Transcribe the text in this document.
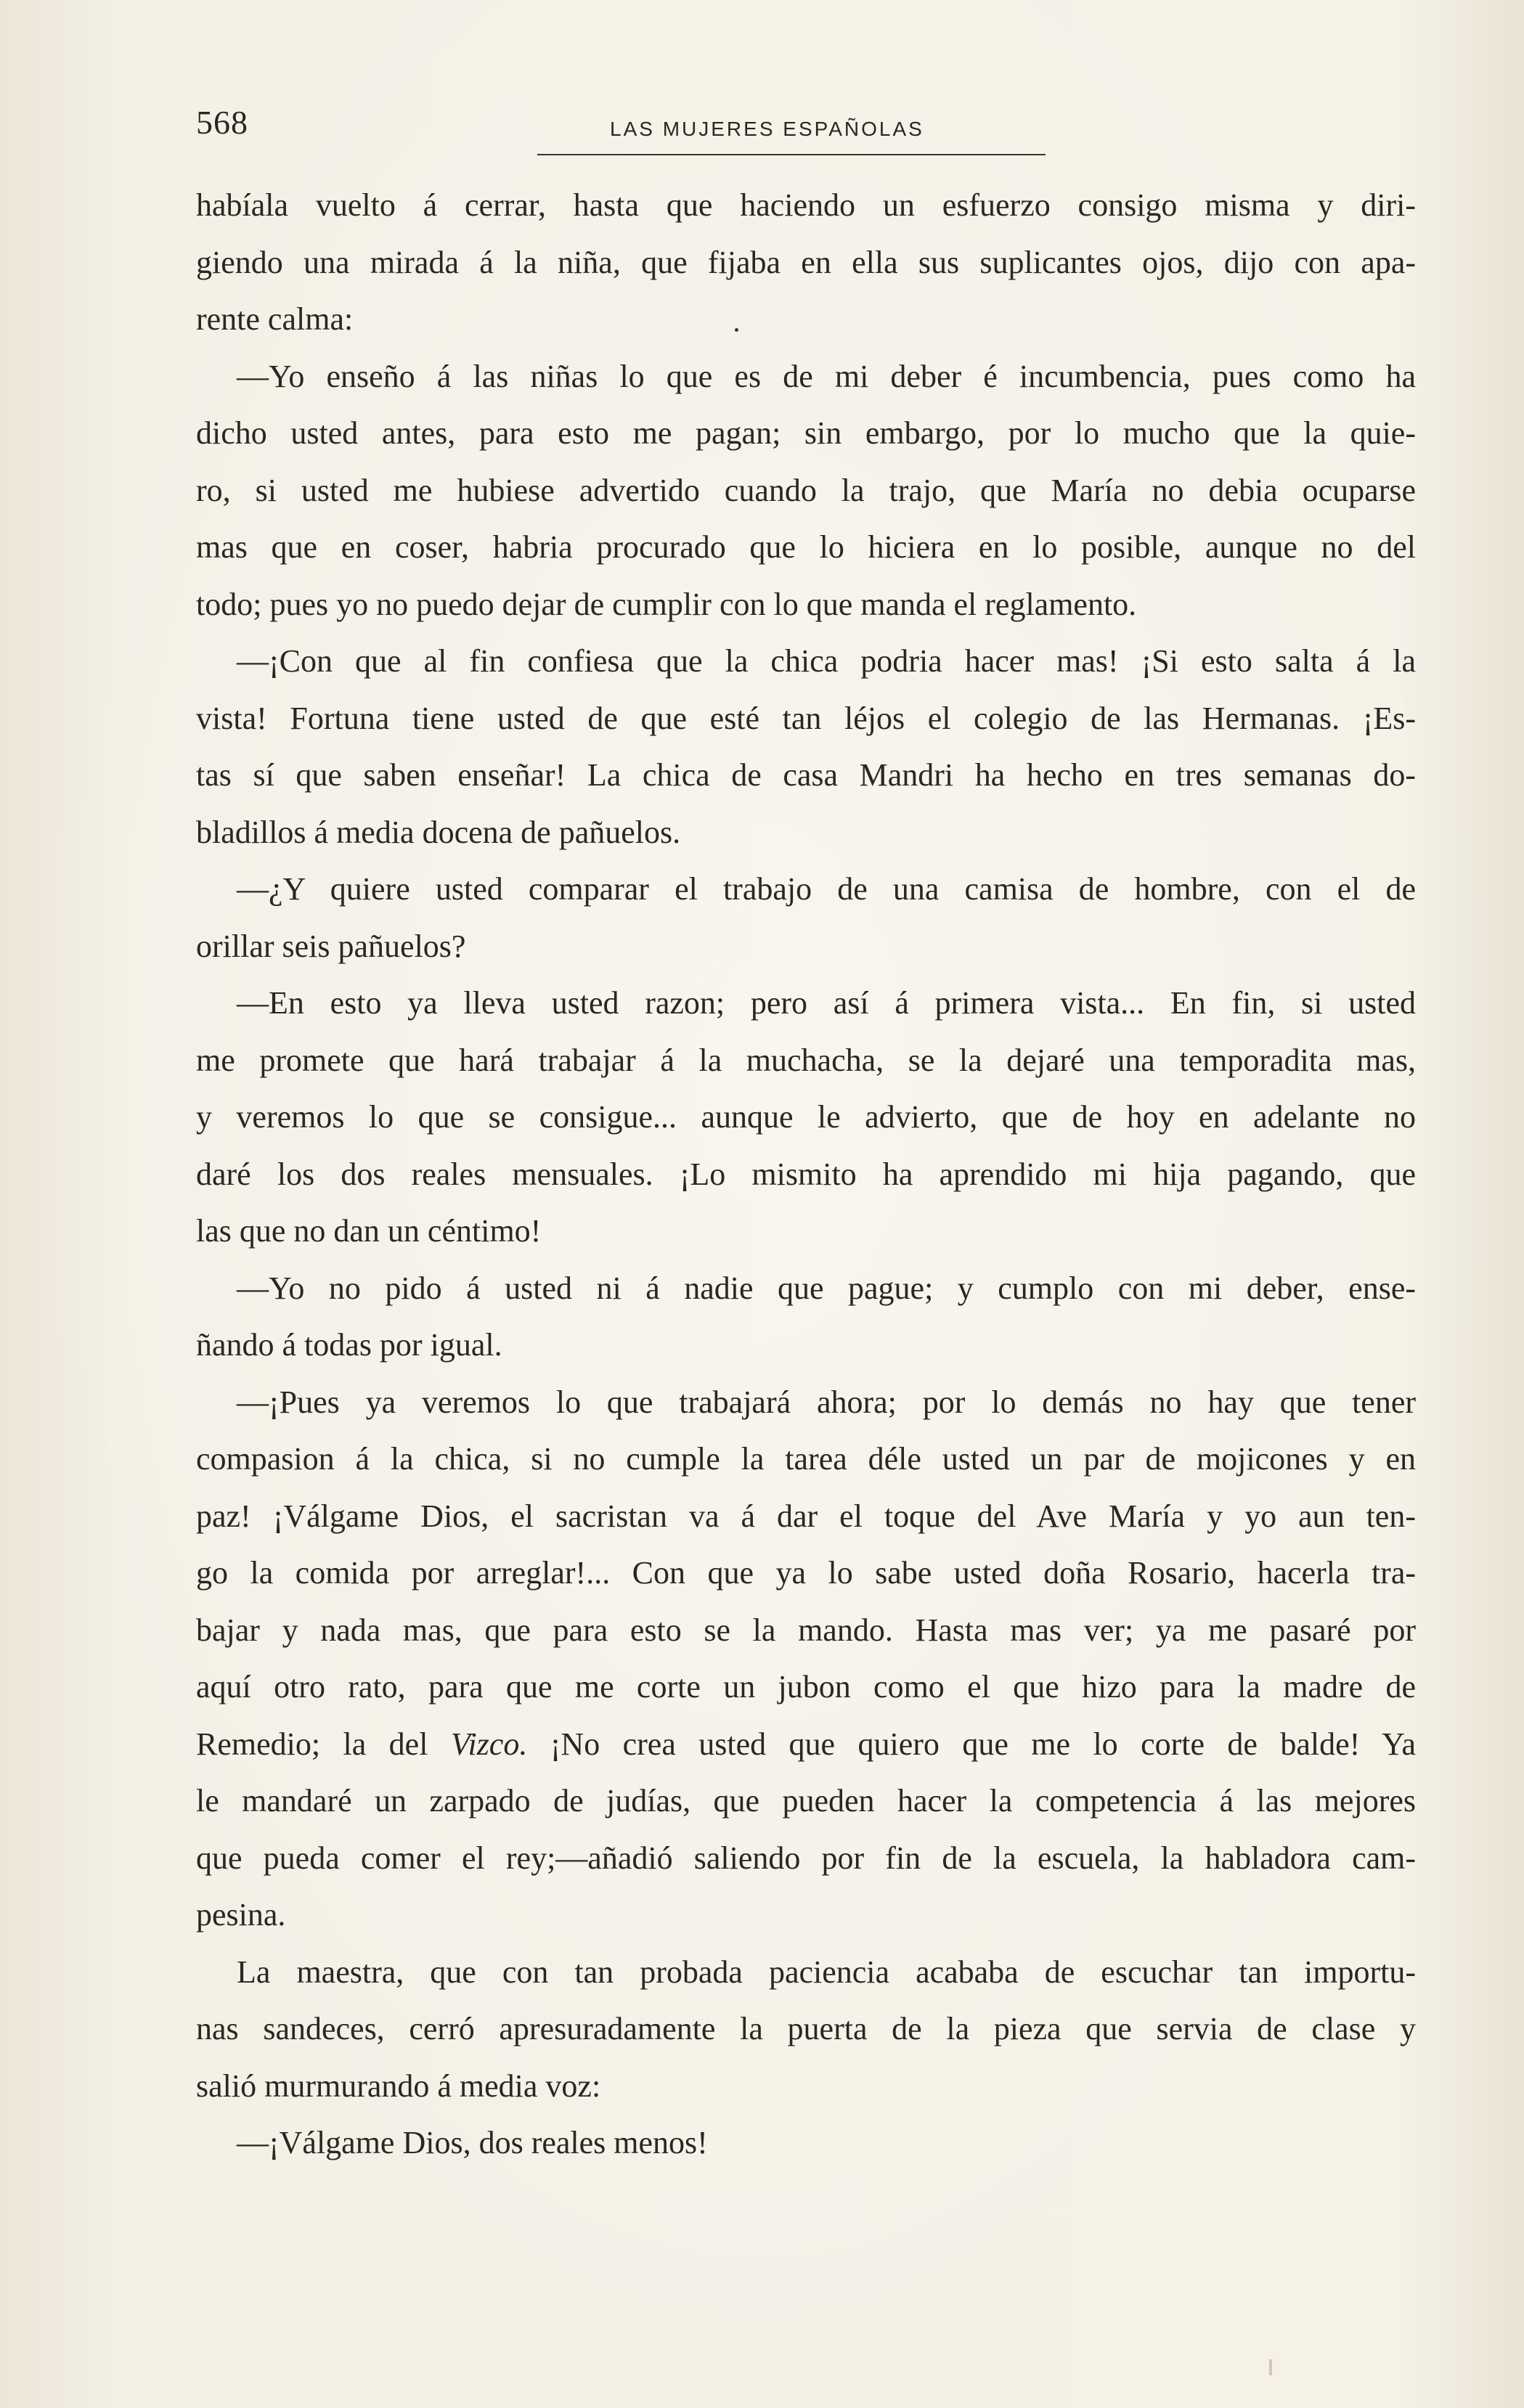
568	LAS MUJERES ESPAÑOLAS
habíala vuelto á cerrar, hasta que haciendo un esfuerzo consigo misma y diri-
giendo una mirada á la niña, que fijaba en ella sus suplicantes ojos, dijo con apa-
rente calma:
—Yo enseño á las niñas lo que es de mi deber é incumbencia, pues como ha
dicho usted antes, para esto me pagan; sin embargo, por lo mucho que la quie-
ro, si usted me hubiese advertido cuando la trajo, que María no debia ocuparse
mas que en coser, habria procurado que lo hiciera en lo posible, aunque no del
todo; pues yo no puedo dejar de cumplir con lo que manda el reglamento.
—¡Con que al fin confiesa que la chica podria hacer mas! ¡Si esto salta á la
vista! Fortuna tiene usted de que esté tan léjos el colegio de las Hermanas. ¡Es-
tas sí que saben enseñar! La chica de casa Mandri ha hecho en tres semanas do-
bladillos á media docena de pañuelos.
—¿Y quiere usted comparar el trabajo de una camisa de hombre, con el de
orillar seis pañuelos?
—En esto ya lleva usted razon; pero así á primera vista... En fin, si usted
me promete que hará trabajar á la muchacha, se la dejaré una temporadita mas,
y veremos lo que se consigue... aunque le advierto, que de hoy en adelante no
daré los dos reales mensuales. ¡Lo mismito ha aprendido mi hija pagando, que
las que no dan un céntimo!
—Yo no pido á usted ni á nadie que pague; y cumplo con mi deber, ense-
ñando á todas por igual.
—¡Pues ya veremos lo que trabajará ahora; por lo demás no hay que tener
compasion á la chica, si no cumple la tarea déle usted un par de mojicones y en
paz! ¡Válgame Dios, el sacristan va á dar el toque del Ave María y yo aun ten-
go la comida por arreglar!... Con que ya lo sabe usted doña Rosario, hacerla tra-
bajar y nada mas, que para esto se la mando. Hasta mas ver; ya me pasaré por
aquí otro rato, para que me corte un jubon como el que hizo para la madre de
Remedio; la del Vizco. ¡No crea usted que quiero que me lo corte de balde! Ya
le mandaré un zarpado de judías, que pueden hacer la competencia á las mejores
que pueda comer el rey;—añadió saliendo por fin de la escuela, la habladora cam-
pesina.
La maestra, que con tan probada paciencia acababa de escuchar tan importu-
nas sandeces, cerró apresuradamente la puerta de la pieza que servia de clase y
salió murmurando á media voz:
—¡Válgame Dios, dos reales menos!
